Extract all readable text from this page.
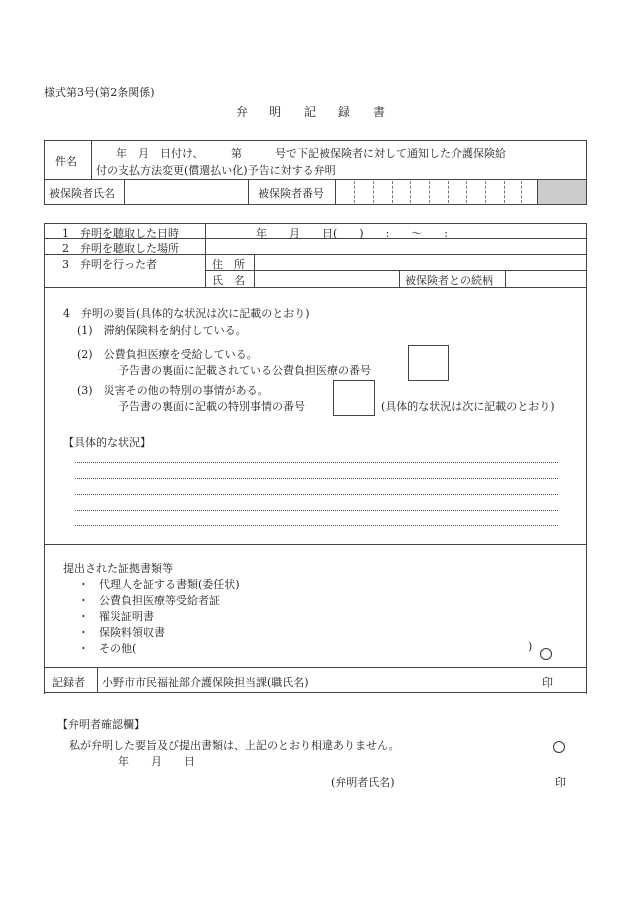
様式第3号(第2条関係)
弁 明 記 録 書
件名
年　月　日付け、　　　第　　　号で下記被保険者に対して通知した介護保険給
付の支払方法変更(償還払い化)予告に対する弁明
被保険者氏名	被保険者番号
1　弁明を聴取した日時	年　　月　　日(　　)　　:　　〜　　:
2　弁明を聴取した場所
3　弁明を行った者	住　所
氏　名	被保険者との続柄
4　弁明の要旨(具体的な状況は次に記載のとおり)
(1)　滞納保険料を納付している。
(2)　公費負担医療を受給している。
予告書の裏面に記載されている公費負担医療の番号
(3)　災害その他の特別の事情がある。
予告書の裏面に記載の特別事情の番号	(具体的な状況は次に記載のとおり)
【具体的な状況】
提出された証拠書類等
・ 代理人を証する書類(委任状)
・ 公費負担医療等受給者証
・ 罹災証明書
・ 保険料領収書
・ その他(	)
記録者 小野市市民福祉部介護保険担当課(職氏名)	印
【弁明者確認欄】
私が弁明した要旨及び提出書類は、上記のとおり相違ありません。
年　　月　　日
(弁明者氏名)	印
